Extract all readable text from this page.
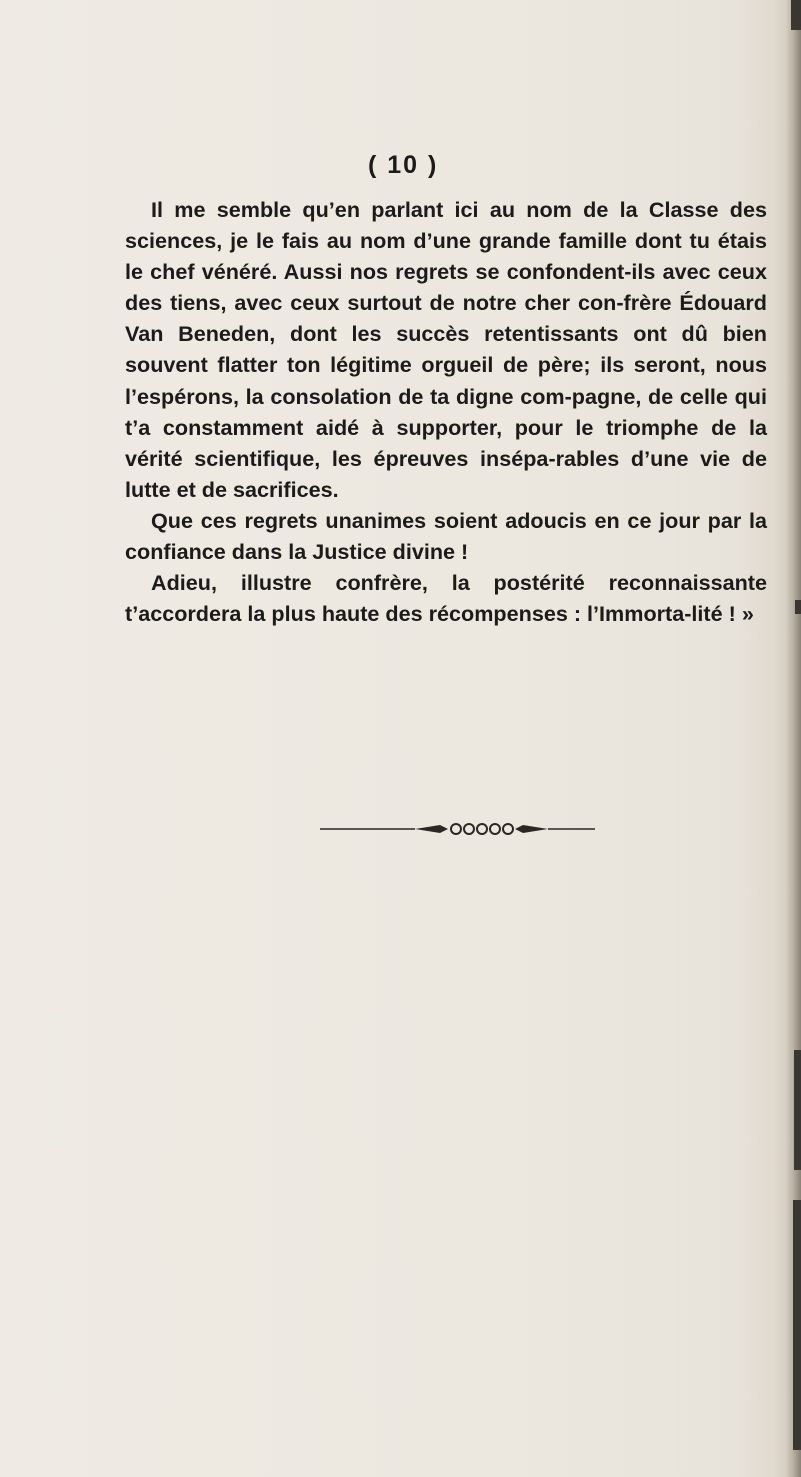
( 10 )

Il me semble qu’en parlant ici au nom de la Classe des sciences, je le fais au nom d’une grande famille dont tu étais le chef vénéré. Aussi nos regrets se confondent-ils avec ceux des tiens, avec ceux surtout de notre cher con-frère Édouard Van Beneden, dont les succès retentissants ont dû bien souvent flatter ton légitime orgueil de père; ils seront, nous l’espérons, la consolation de ta digne com-pagne, de celle qui t’a constamment aidé à supporter, pour le triomphe de la vérité scientifique, les épreuves insépa-rables d’une vie de lutte et de sacrifices.

Que ces regrets unanimes soient adoucis en ce jour par la confiance dans la Justice divine !

Adieu, illustre confrère, la postérité reconnaissante t’accordera la plus haute des récompenses : l’Immorta-lité ! »
